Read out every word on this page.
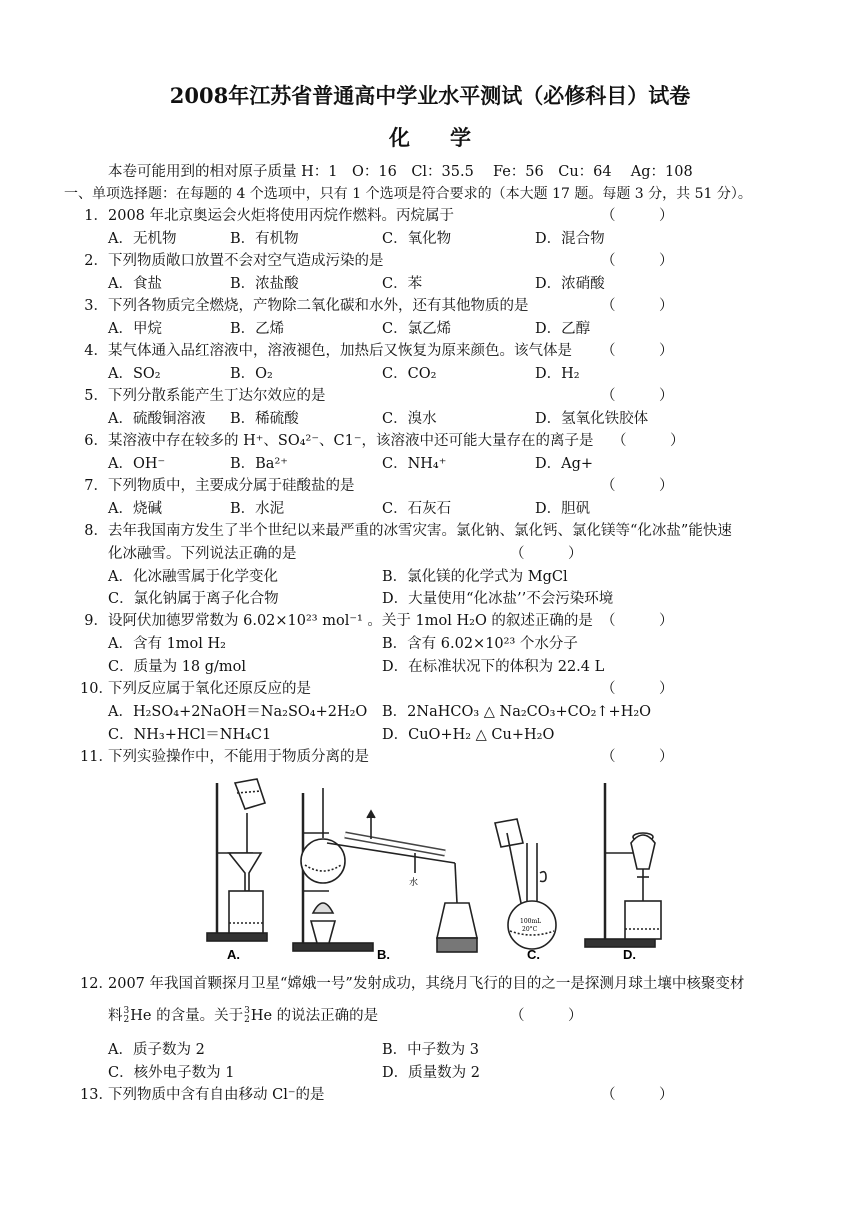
2008年江苏省普通高中学业水平测试（必修科目）试卷
化学
本卷可能用到的相对原子质量 H：1　O：16　Cl：35.5　 Fe：56　Cu：64　 Ag：108
一、单项选择题：在每题的 4 个选项中，只有 1 个选项是符合要求的（本大题 17 题。每题 3 分，共 51 分）。
1． 2008 年北京奥运会火炬将使用丙烷作燃料。丙烷属于	（　　　）
A．无机物	B．有机物	C．氧化物	D．混合物
2． 下列物质敞口放置不会对空气造成污染的是	（　　　）
A．食盐	B．浓盐酸	C．苯	D．浓硝酸
3． 下列各物质完全燃烧，产物除二氧化碳和水外，还有其他物质的是	（　　　）
A．甲烷	B．乙烯	C．氯乙烯	D．乙醇
4． 某气体通入品红溶液中，溶液褪色，加热后又恢复为原来颜色。该气体是 （　　　）
A．SO₂	B．O₂	C．CO₂	D．H₂
5． 下列分散系能产生丁达尔效应的是	（　　　）
A．硫酸铜溶液 B．稀硫酸	C．溴水	D．氢氧化铁胶体
6． 某溶液中存在较多的 H⁺、SO₄²⁻、C1⁻，该溶液中还可能大量存在的离子是 （　　　）
A．OH⁻	B．Ba²⁺	C．NH₄⁺	D．Ag+
7． 下列物质中，主要成分属于硅酸盐的是	（　　　）
A．烧碱	B．水泥	C．石灰石	D．胆矾
8． 去年我国南方发生了半个世纪以来最严重的冰雪灾害。氯化钠、氯化钙、氯化镁等“化冰盐”能快速
化冰融雪。下列说法正确的是	（　　　）
A．化冰融雪属于化学变化	B．氯化镁的化学式为 MgCl
C．氯化钠属于离子化合物	D．大量使用“化冰盐’’不会污染环境
9． 设阿伏加德罗常数为 6.02×10²³ mol⁻¹ 。关于 1mol H₂O 的叙述正确的是 （　　　）
A．含有 1mol H₂	B．含有 6.02×10²³ 个水分子
C．质量为 18 g/mol	D．在标准状况下的体积为 22.4 L
10．
下列反应属于氧化还原反应的是	（　　　）
A．H₂SO₄+2NaOH＝Na₂SO₄+2H₂O B．2NaHCO₃ △ Na₂CO₃+CO₂↑+H₂O
C．NH₃+HCl＝NH₄C1	D．CuO+H₂ △ Cu+H₂O
11．
下列实验操作中，不能用于物质分离的是	（　　　）
A.	B.	C.	D.
水
100mL
20°C
12．
2007 年我国首颗探月卫星“嫦娥一号”发射成功，其绕月飞行的目的之一是探测月球土壤中核聚变材
料 3
2 He 的含量。关于 3
2 He 的说法正确的是	（　　　）
A．质子数为 2	B．中子数为 3
C．核外电子数为 1	D．质量数为 2
13．
下列物质中含有自由移动 Cl⁻的是	（　　　）
